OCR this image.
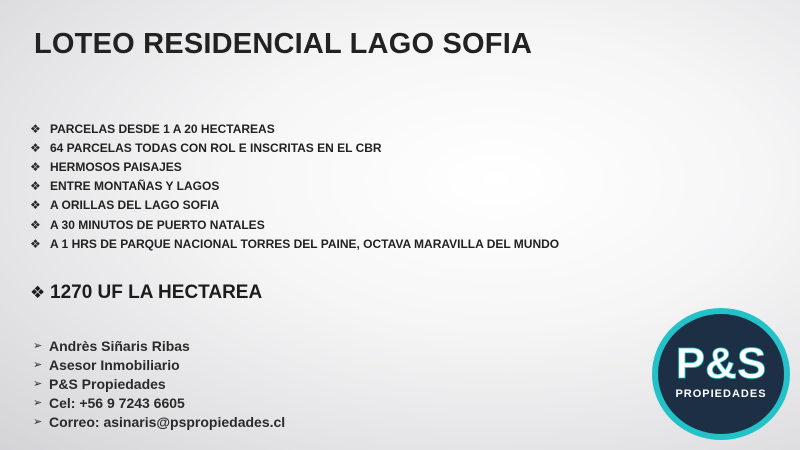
LOTEO RESIDENCIAL LAGO SOFIA
❖ PARCELAS DESDE 1 A 20 HECTAREAS
❖ 64 PARCELAS TODAS CON ROL E INSCRITAS EN EL CBR
❖ HERMOSOS PAISAJES
❖ ENTRE MONTAÑAS Y LAGOS
❖ A ORILLAS DEL LAGO SOFIA
❖ A 30 MINUTOS DE PUERTO NATALES
❖ A 1 HRS DE PARQUE NACIONAL TORRES DEL PAINE, OCTAVA MARAVILLA DEL MUNDO
❖ 1270 UF LA HECTAREA
➢ Andrès Siñaris Ribas
➢ Asesor Inmobiliario
➢ P&S Propiedades
➢ Cel: +56 9 7243 6605
➢ Correo: asinaris@pspropiedades.cl
P&S
PROPIEDADES
